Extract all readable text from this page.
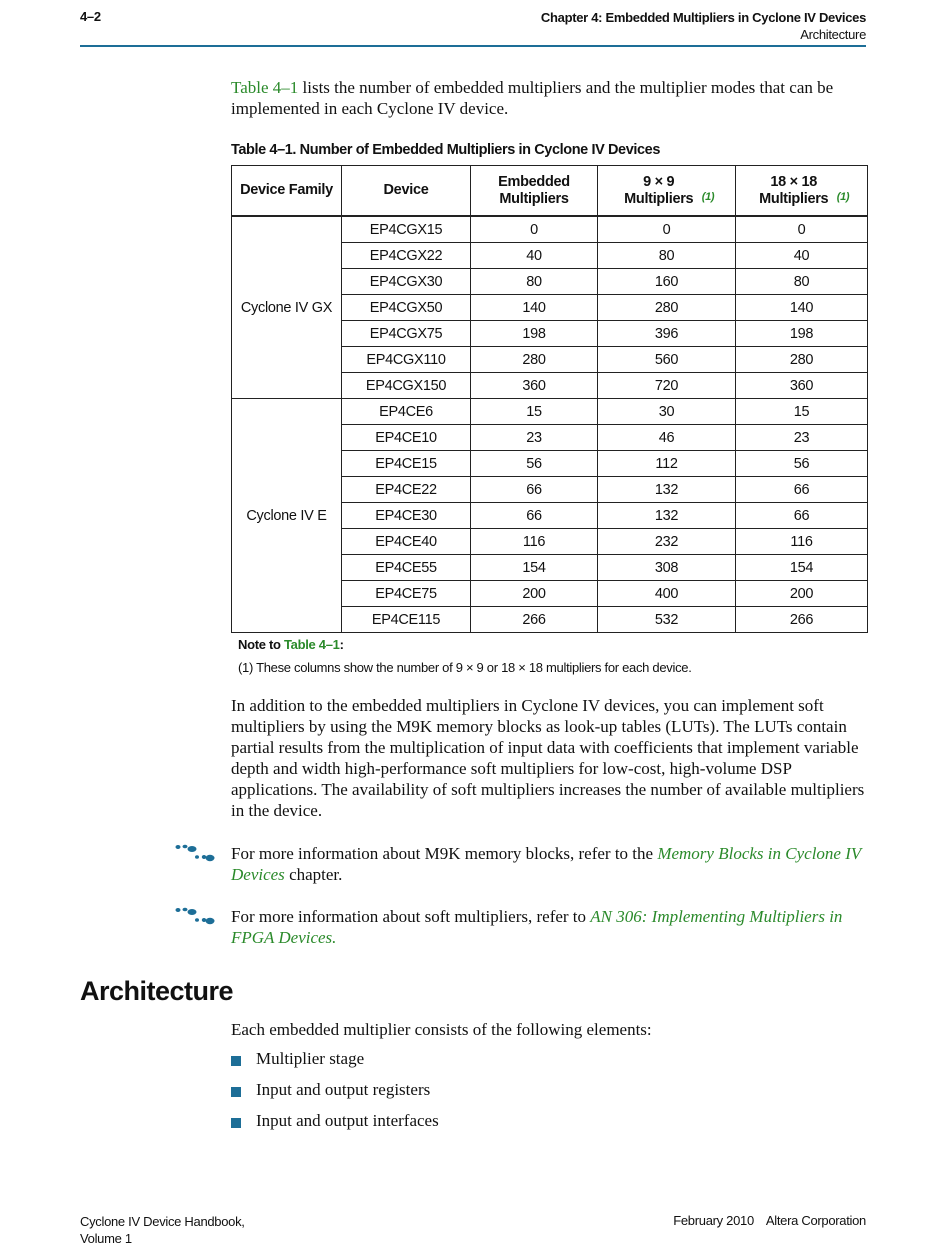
4–2	Chapter 4: Embedded Multipliers in Cyclone IV Devices
Architecture

Table 4–1 lists the number of embedded multipliers and the multiplier modes that can be implemented in each Cyclone IV device.

Table 4–1. Number of Embedded Multipliers in Cyclone IV Devices
Device Family	Device	Embedded Multipliers	9 × 9 Multipliers $^{(1)}$	18 × 18 Multipliers $^{(1)}$
Cyclone IV GX	EP4CGX15	0	0	0
	EP4CGX22	40	80	40
	EP4CGX30	80	160	80
	EP4CGX50	140	280	140
	EP4CGX75	198	396	198
	EP4CGX110	280	560	280
	EP4CGX150	360	720	360
Cyclone IV E	EP4CE6	15	30	15
	EP4CE10	23	46	23
	EP4CE15	56	112	56
	EP4CE22	66	132	66
	EP4CE30	66	132	66
	EP4CE40	116	232	116
	EP4CE55	154	308	154
	EP4CE75	200	400	200
	EP4CE115	266	532	266
Note to Table 4–1:
(1) These columns show the number of 9 × 9 or 18 × 18 multipliers for each device.

In addition to the embedded multipliers in Cyclone IV devices, you can implement soft multipliers by using the M9K memory blocks as look-up tables (LUTs). The LUTs contain partial results from the multiplication of input data with coefficients that implement variable depth and width high-performance soft multipliers for low-cost, high-volume DSP applications. The availability of soft multipliers increases the number of available multipliers in the device.

For more information about M9K memory blocks, refer to the Memory Blocks in Cyclone IV Devices chapter.

For more information about soft multipliers, refer to AN 306: Implementing Multipliers in FPGA Devices.

Architecture

Each embedded multiplier consists of the following elements:

Multiplier stage
Input and output registers
Input and output interfaces
Cyclone IV Device Handbook,
Volume 1
February 2010 Altera Corporation
